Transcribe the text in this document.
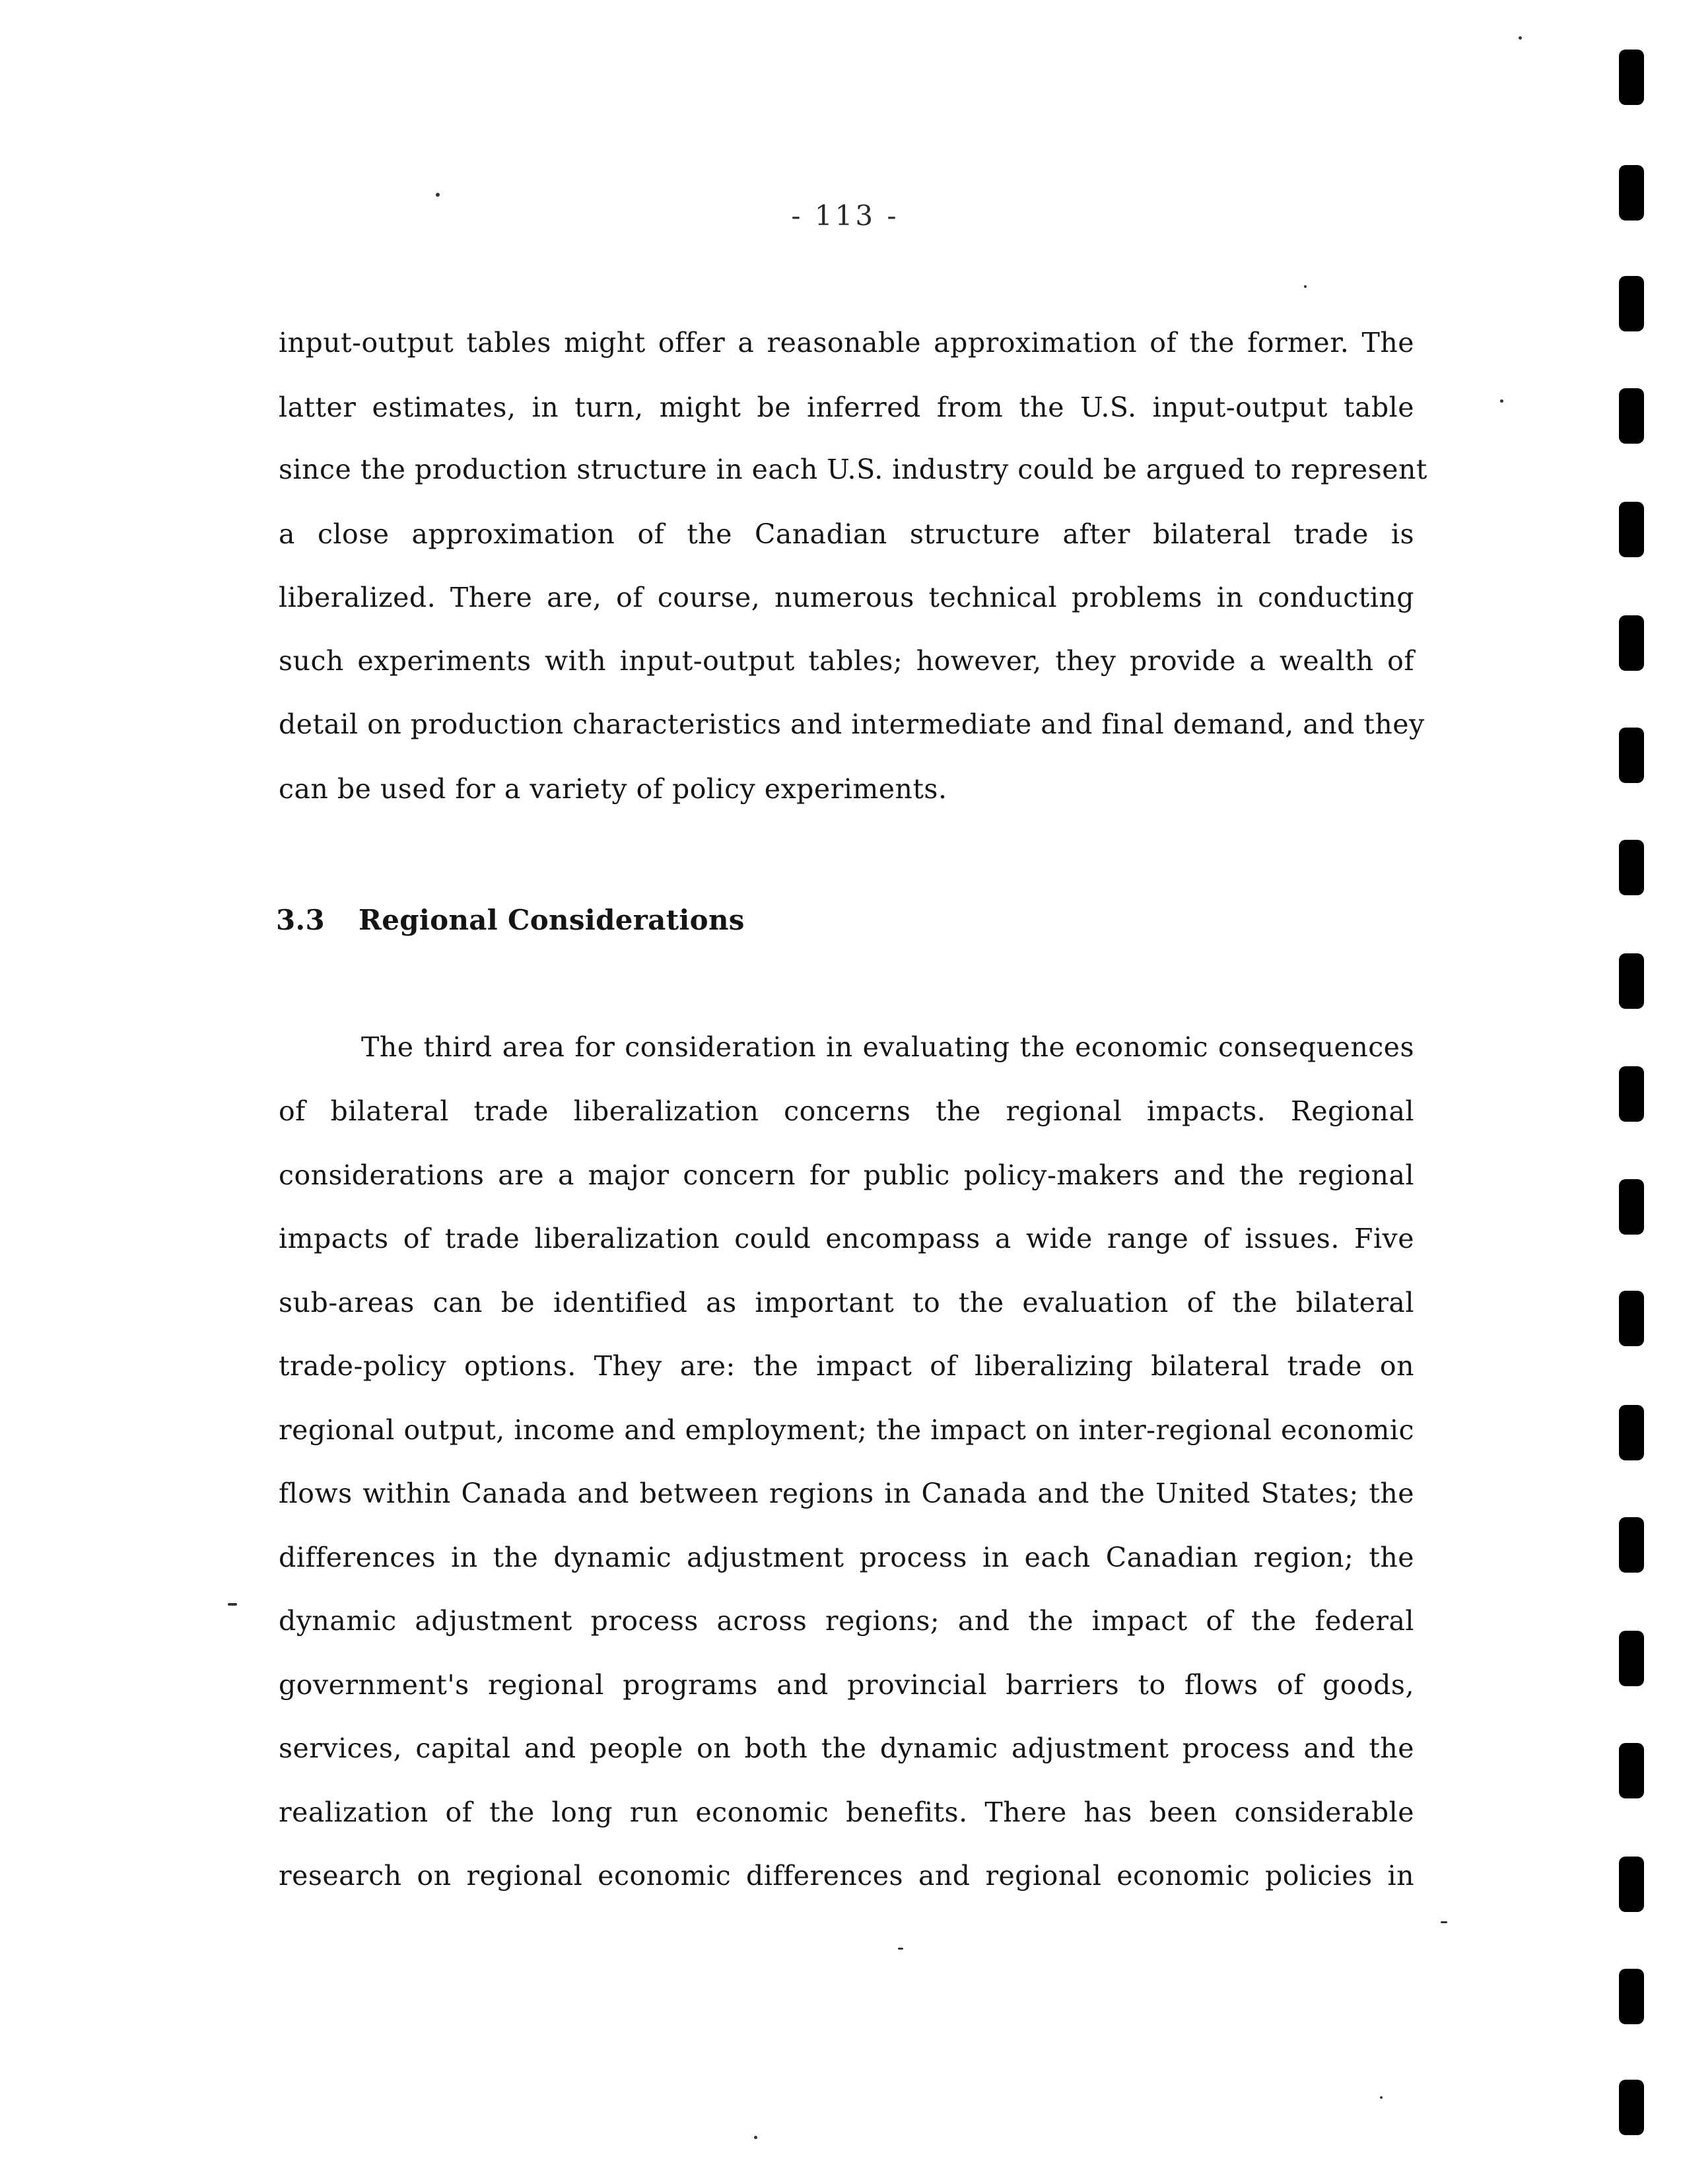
- 113 -
input-output tables might offer a reasonable approximation of the former. The
latter estimates, in turn, might be inferred from the U.S. input-output table
since the production structure in each U.S. industry could be argued to represent
a close approximation of the Canadian structure after bilateral trade is
liberalized. There are, of course, numerous technical problems in conducting
such experiments with input-output tables; however, they provide a wealth of
detail on production characteristics and intermediate and final demand, and they
can be used for a variety of policy experiments.
3.3 Regional Considerations
The third area for consideration in evaluating the economic consequences
of bilateral trade liberalization concerns the regional impacts. Regional
considerations are a major concern for public policy-makers and the regional
impacts of trade liberalization could encompass a wide range of issues. Five
sub-areas can be identified as important to the evaluation of the bilateral
trade-policy options. They are: the impact of liberalizing bilateral trade on
regional output, income and employment; the impact on inter-regional economic
flows within Canada and between regions in Canada and the United States; the
differences in the dynamic adjustment process in each Canadian region; the
dynamic adjustment process across regions; and the impact of the federal
government's regional programs and provincial barriers to flows of goods,
services, capital and people on both the dynamic adjustment process and the
realization of the long run economic benefits. There has been considerable
research on regional economic differences and regional economic policies in
